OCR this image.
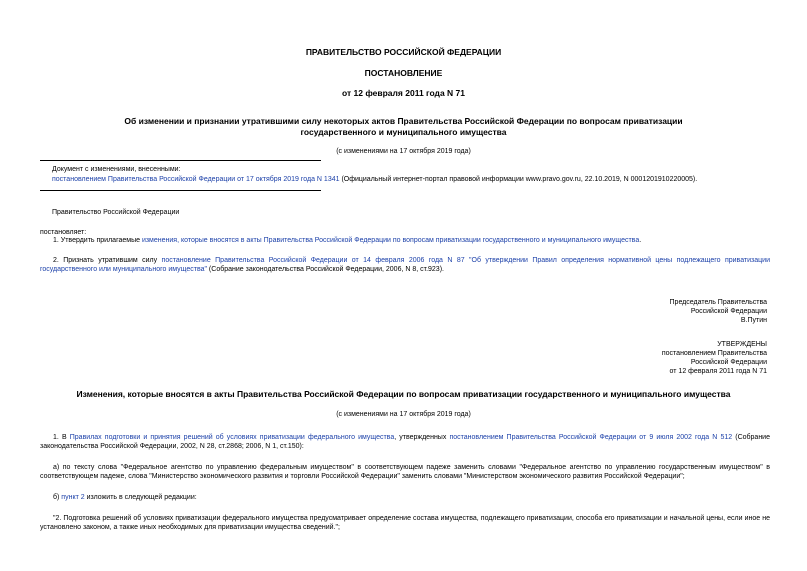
ПРАВИТЕЛЬСТВО РОССИЙСКОЙ ФЕДЕРАЦИИ
ПОСТАНОВЛЕНИЕ
от 12 февраля 2011 года N 71
Об изменении и признании утратившими силу некоторых актов Правительства Российской Федерации по вопросам приватизации государственного и муниципального имущества
(с изменениями на 17 октября 2019 года)
Документ с изменениями, внесенными:
постановлением Правительства Российской Федерации от 17 октября 2019 года N 1341 (Официальный интернет-портал правовой информации www.pravo.gov.ru, 22.10.2019, N 0001201910220005).
Правительство Российской Федерации
постановляет:
1. Утвердить прилагаемые изменения, которые вносятся в акты Правительства Российской Федерации по вопросам приватизации государственного и муниципального имущества.
2. Признать утратившим силу постановление Правительства Российской Федерации от 14 февраля 2006 года N 87 "Об утверждении Правил определения нормативной цены подлежащего приватизации государственного или муниципального имущества" (Собрание законодательства Российской Федерации, 2006, N 8, ст.923).
Председатель Правительства
Российской Федерации
В.Путин
УТВЕРЖДЕНЫ
постановлением Правительства
Российской Федерации
от 12 февраля 2011 года N 71
Изменения, которые вносятся в акты Правительства Российской Федерации по вопросам приватизации государственного и муниципального имущества
(с изменениями на 17 октября 2019 года)
1. В Правилах подготовки и принятия решений об условиях приватизации федерального имущества, утвержденных постановлением Правительства Российской Федерации от 9 июля 2002 года N 512 (Собрание законодательства Российской Федерации, 2002, N 28, ст.2868; 2006, N 1, ст.150):
а) по тексту слова "Федеральное агентство по управлению федеральным имуществом" в соответствующем падеже заменить словами "Федеральное агентство по управлению государственным имуществом" в соответствующем падеже, слова "Министерство экономического развития и торговли Российской Федерации" заменить словами "Министерством экономического развития Российской Федерации";
б) пункт 2 изложить в следующей редакции:
"2. Подготовка решений об условиях приватизации федерального имущества предусматривает определение состава имущества, подлежащего приватизации, способа его приватизации и начальной цены, если иное не установлено законом, а также иных необходимых для приватизации имущества сведений.";
